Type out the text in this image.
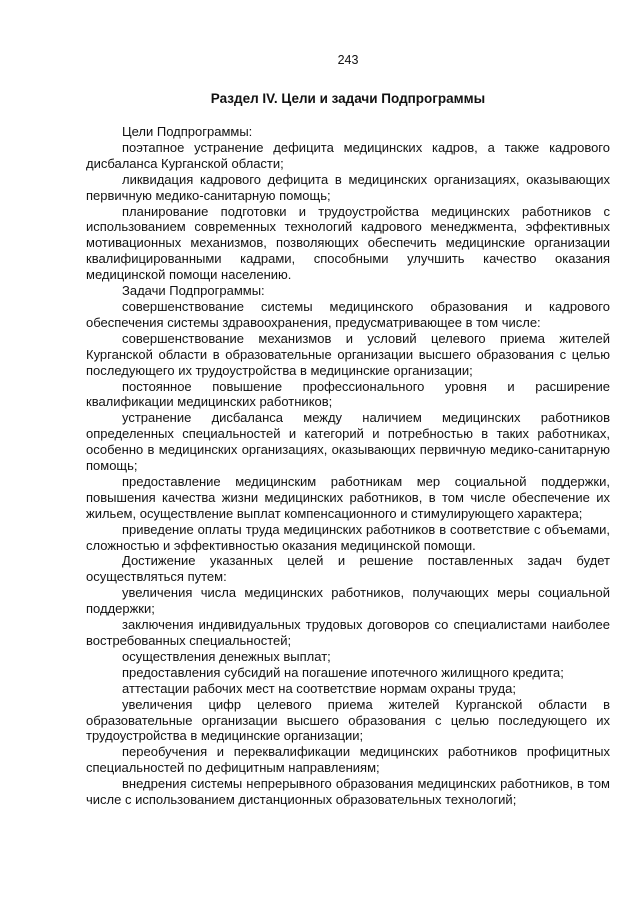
243
Раздел IV. Цели и задачи Подпрограммы

Цели Подпрограммы:

поэтапное устранение дефицита медицинских кадров, а также кадрового дисбаланса Курганской области;

ликвидация кадрового дефицита в медицинских организациях, оказывающих первичную медико-санитарную помощь;

планирование подготовки и трудоустройства медицинских работников с использованием современных технологий кадрового менеджмента, эффективных мотивационных механизмов, позволяющих обеспечить медицинские организации квалифицированными кадрами, способными улучшить качество оказания медицинской помощи населению.

Задачи Подпрограммы:

совершенствование системы медицинского образования и кадрового обеспечения системы здравоохранения, предусматривающее в том числе:

совершенствование механизмов и условий целевого приема жителей Курганской области в образовательные организации высшего образования с целью последующего их трудоустройства в медицинские организации;

постоянное повышение профессионального уровня и расширение квалификации медицинских работников;

устранение дисбаланса между наличием медицинских работников определенных специальностей и категорий и потребностью в таких работниках, особенно в медицинских организациях, оказывающих первичную медико-санитарную помощь;

предоставление медицинским работникам мер социальной поддержки, повышения качества жизни медицинских работников, в том числе обеспечение их жильем, осуществление выплат компенсационного и стимулирующего характера;

приведение оплаты труда медицинских работников в соответствие с объемами, сложностью и эффективностью оказания медицинской помощи.

Достижение указанных целей и решение поставленных задач будет осуществляться путем:

увеличения числа медицинских работников, получающих меры социальной поддержки;

заключения индивидуальных трудовых договоров со специалистами наиболее востребованных специальностей;

осуществления денежных выплат;

предоставления субсидий на погашение ипотечного жилищного кредита;

аттестации рабочих мест на соответствие нормам охраны труда;

увеличения цифр целевого приема жителей Курганской области в образовательные организации высшего образования с целью последующего их трудоустройства в медицинские организации;

переобучения и переквалификации медицинских работников профицитных специальностей по дефицитным направлениям;

внедрения системы непрерывного образования медицинских работников, в том числе с использованием дистанционных образовательных технологий;
